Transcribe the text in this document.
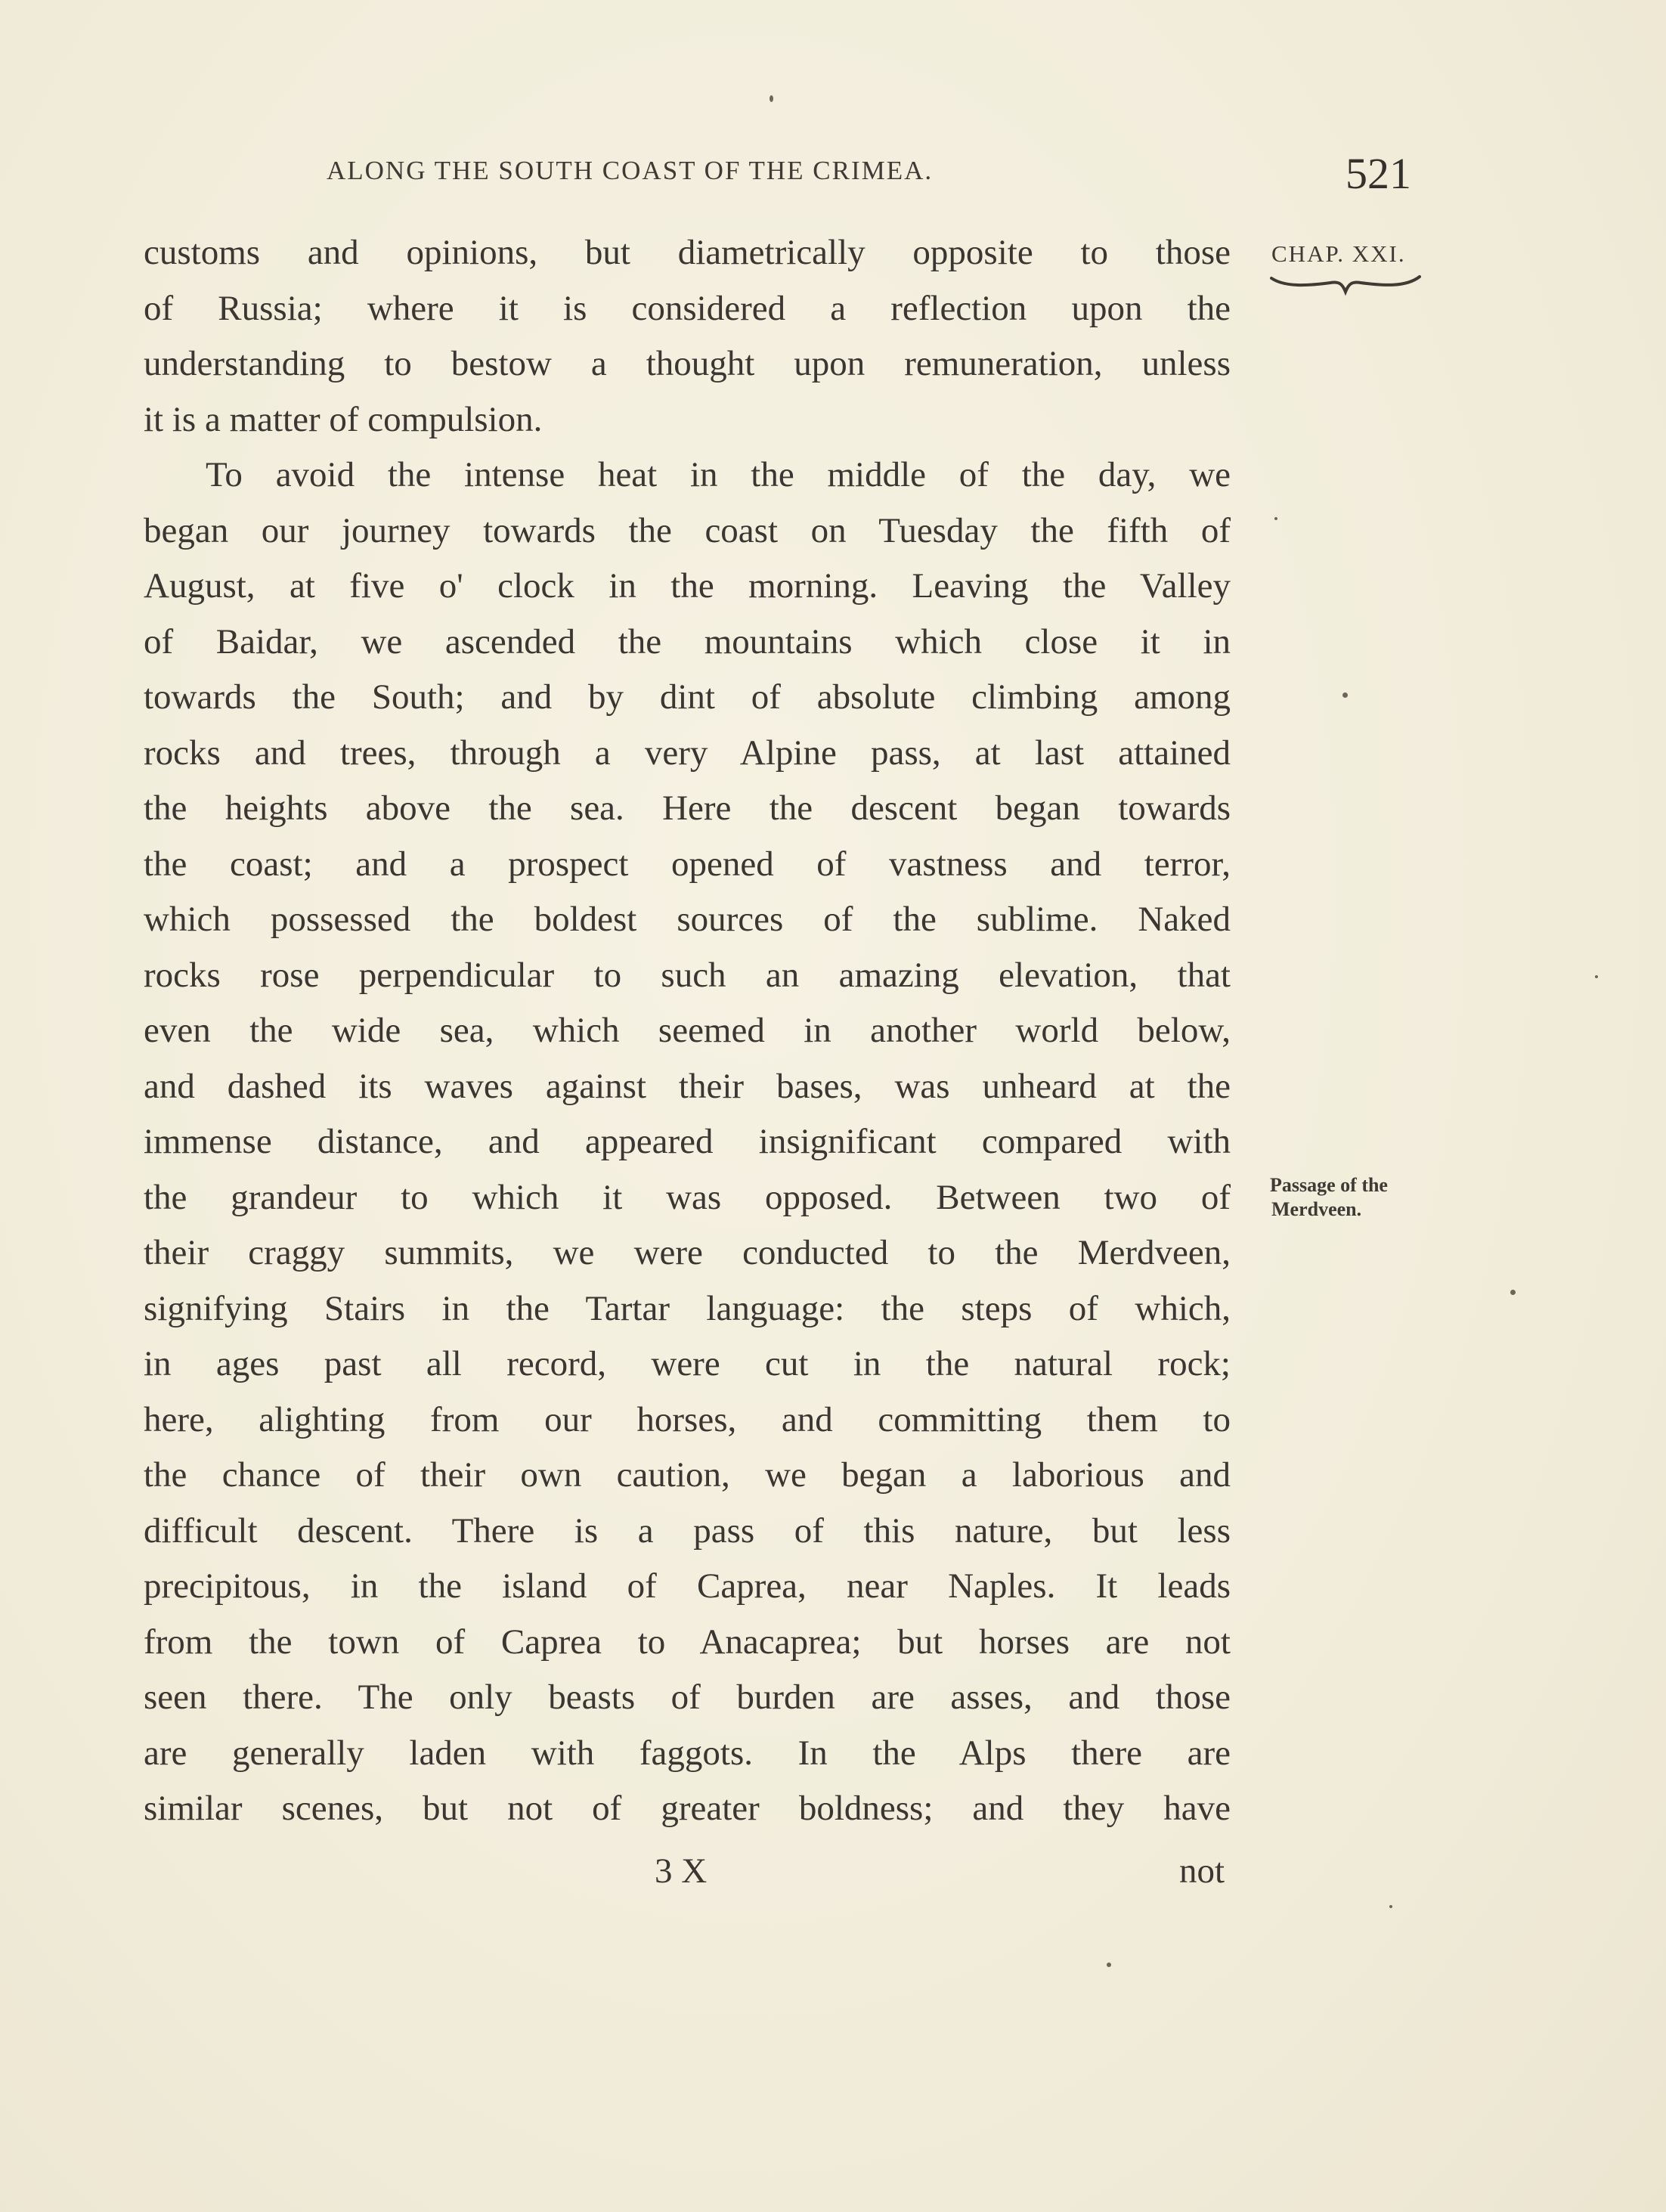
ALONG THE SOUTH COAST OF THE CRIMEA.	521
CHAP. XXI.
customs and opinions, but diametrically opposite to those
of Russia; where it is considered a reflection upon the
understanding to bestow a thought upon remuneration, unless
it is a matter of compulsion.
To avoid the intense heat in the middle of the day, we
began our journey towards the coast on Tuesday the fifth of
August, at five o' clock in the morning. Leaving the Valley
of Baidar, we ascended the mountains which close it in
towards the South; and by dint of absolute climbing among
rocks and trees, through a very Alpine pass, at last attained
the heights above the sea. Here the descent began towards
the coast; and a prospect opened of vastness and terror,
which possessed the boldest sources of the sublime. Naked
rocks rose perpendicular to such an amazing elevation, that
even the wide sea, which seemed in another world below,
and dashed its waves against their bases, was unheard at the
immense distance, and appeared insignificant compared with
the grandeur to which it was opposed. Between two of
their craggy summits, we were conducted to the Merdveen,
signifying Stairs in the Tartar language: the steps of which,
in ages past all record, were cut in the natural rock;
here, alighting from our horses, and committing them to
the chance of their own caution, we began a laborious and
difficult descent. There is a pass of this nature, but less
precipitous, in the island of Caprea, near Naples. It leads
from the town of Caprea to Anacaprea; but horses are not
seen there. The only beasts of burden are asses, and those
are generally laden with faggots. In the Alps there are
similar scenes, but not of greater boldness; and they have
Passage of the
Merdveen.
3 X	not
